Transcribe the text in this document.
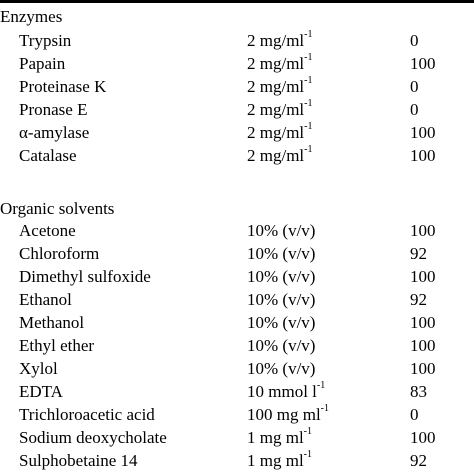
Enzymes
Trypsin	2 $mg/ml^{-1}$	0
Papain	2 $mg/ml^{-1}$	100
Proteinase K	2 $mg/ml^{-1}$	0
Pronase E	2 $mg/ml^{-1}$	0
α-amylase	2 $mg/ml^{-1}$	100
Catalase	2 $mg/ml^{-1}$	100
Organic solvents
Acetone	10% (v/v)	100
Chloroform	10% (v/v)	92
Dimethyl sulfoxide	10% (v/v)	100
Ethanol	10% (v/v)	92
Methanol	10% (v/v)	100
Ethyl ether	10% (v/v)	100
Xylol	10% (v/v)	100
EDTA	10 mmol $l^{-1}$	83
Trichloroacetic acid	100 mg $ml^{-1}$	0
Sodium deoxycholate	1 mg $ml^{-1}$	100
Sulphobetaine 14	1 mg $ml^{-1}$	92
